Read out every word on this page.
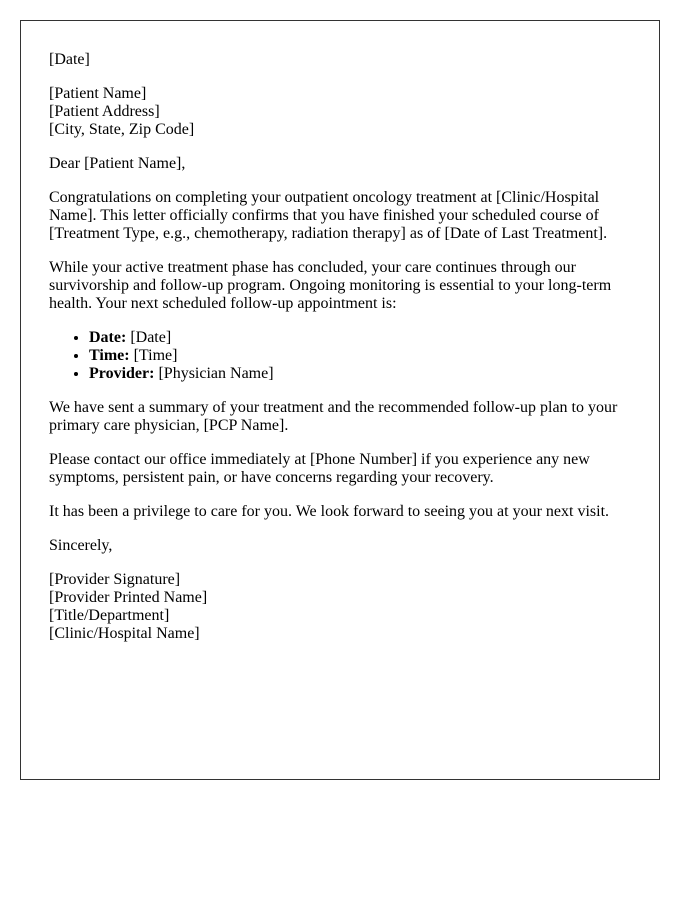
[Date]
[Patient Name]
[Patient Address]
[City, State, Zip Code]

Dear [Patient Name],

Congratulations on completing your outpatient oncology treatment at [Clinic/Hospital Name]. This letter officially confirms that you have finished your scheduled course of [Treatment Type, e.g., chemotherapy, radiation therapy] as of [Date of Last Treatment].

While your active treatment phase has concluded, your care continues through our survivorship and follow-up program. Ongoing monitoring is essential to your long-term health. Your next scheduled follow-up appointment is:

• Date: [Date]
• Time: [Time]
• Provider: [Physician Name]

We have sent a summary of your treatment and the recommended follow-up plan to your primary care physician, [PCP Name].

Please contact our office immediately at [Phone Number] if you experience any new symptoms, persistent pain, or have concerns regarding your recovery.

It has been a privilege to care for you. We look forward to seeing you at your next visit.

Sincerely,

[Provider Signature]
[Provider Printed Name]
[Title/Department]
[Clinic/Hospital Name]
